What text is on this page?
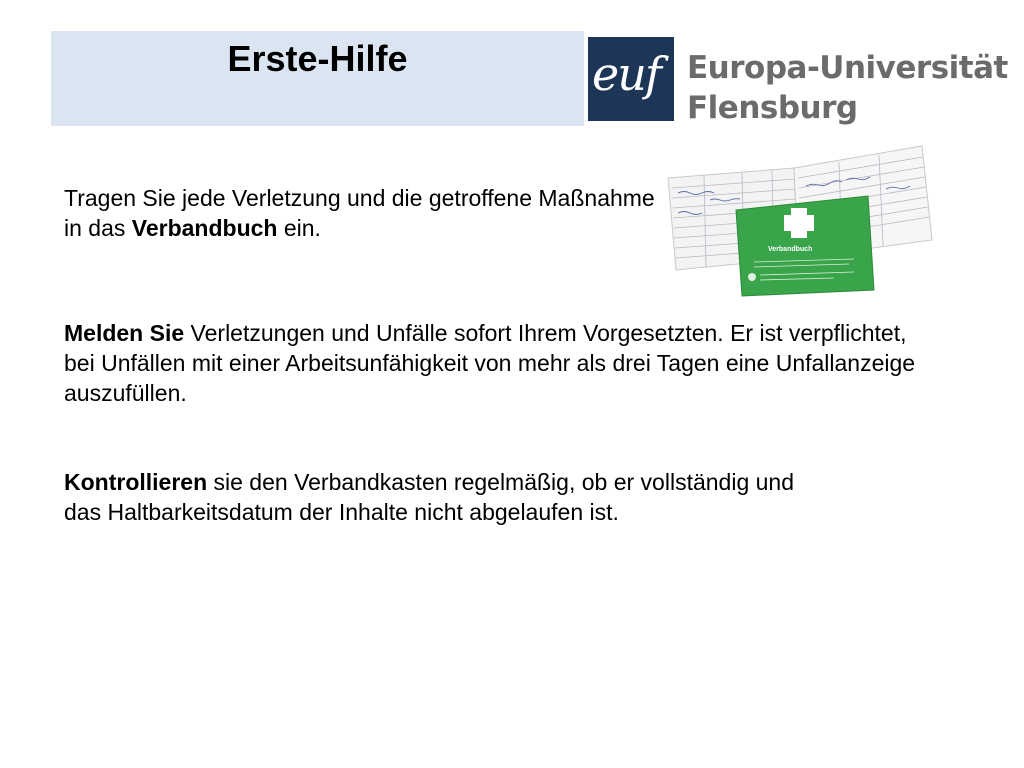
Erste-Hilfe	euf Europa-Universität
Flensburg

Tragen Sie jede Verletzung und die getroffene Maßnahme in das Verbandbuch ein.

Melden Sie Verletzungen und Unfälle sofort Ihrem Vorgesetzten. Er ist verpflichtet, bei Unfällen mit einer Arbeitsunfähigkeit von mehr als drei Tagen eine Unfallanzeige auszufüllen.

Kontrollieren sie den Verbandkasten regelmäßig, ob er vollständig und das Haltbarkeitsdatum der Inhalte nicht abgelaufen ist.

Verbandbuch
